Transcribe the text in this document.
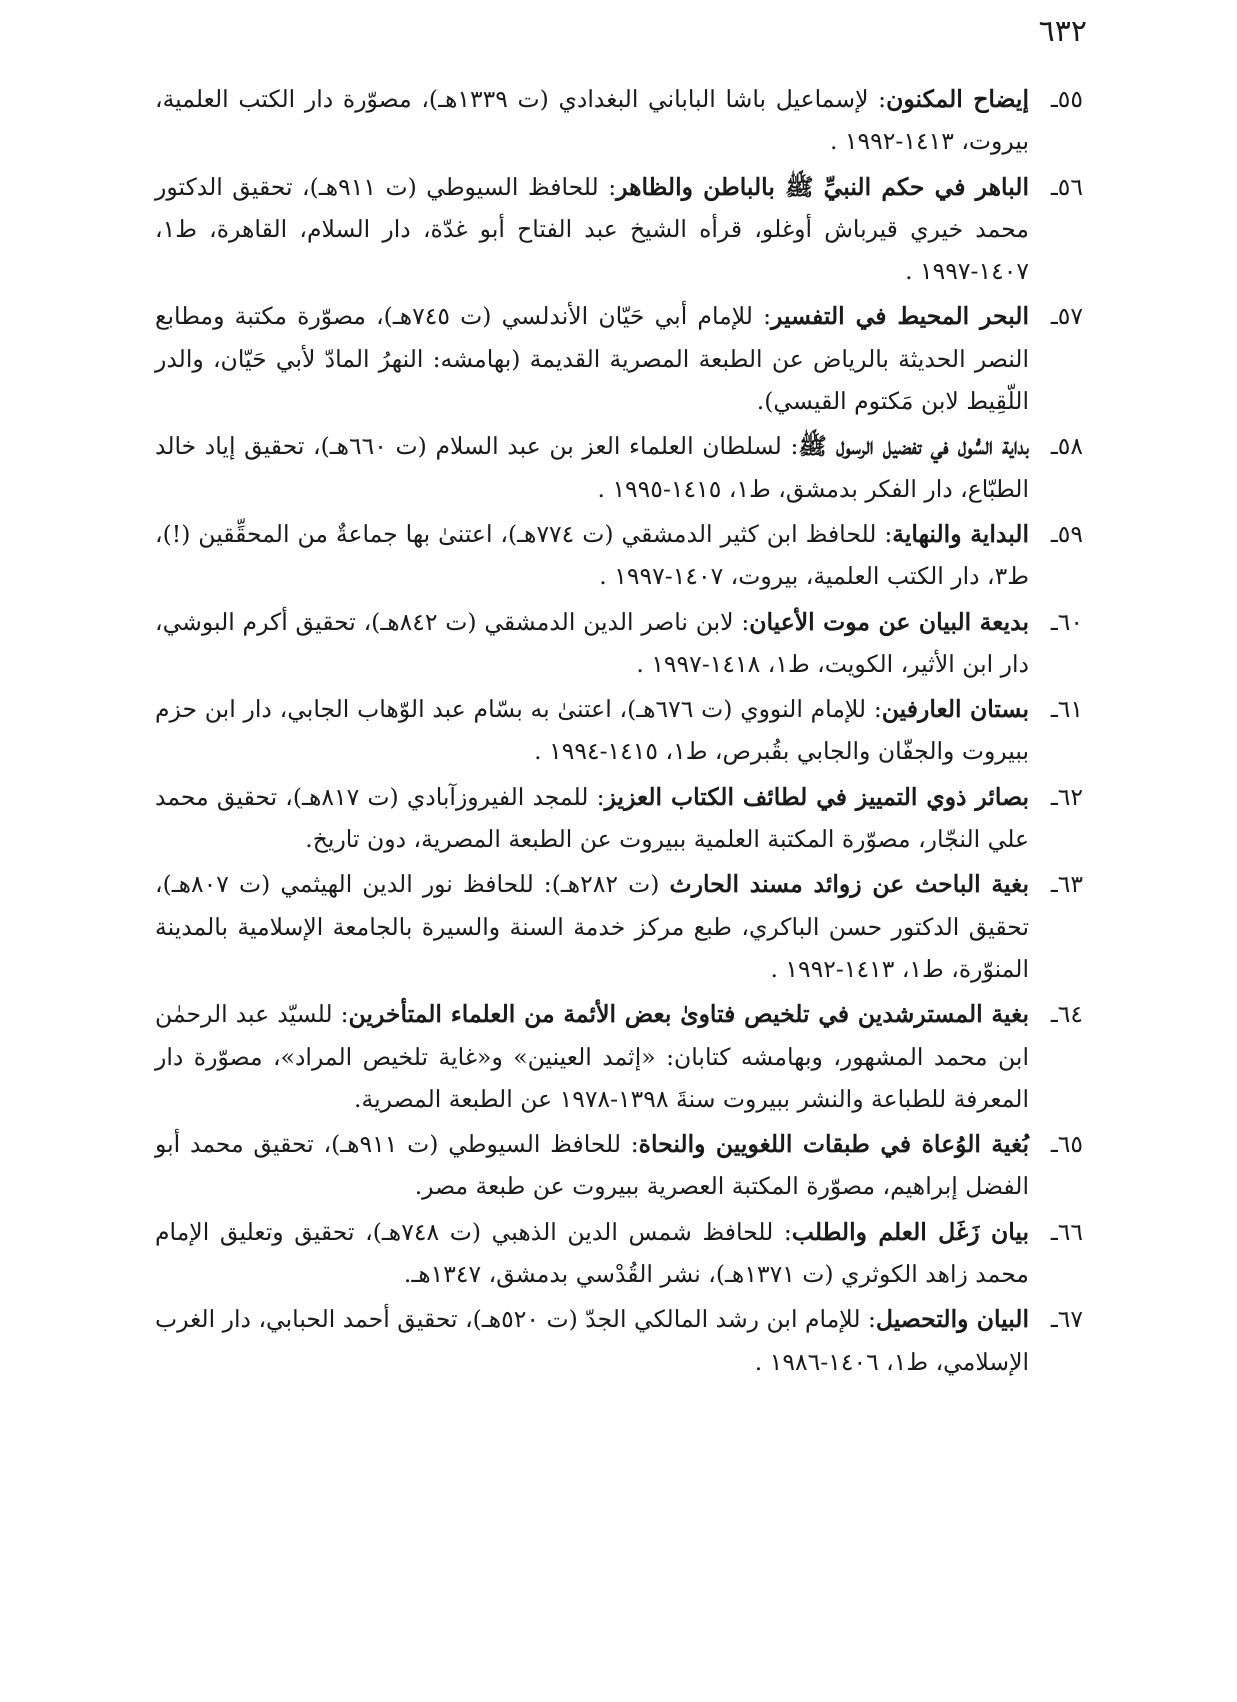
٦٣٢

٥٥ـ
إيضاح المكنون: لإسماعيل باشا الباباني البغدادي (ت ١٣٣٩هـ)، مصوّرة دار الكتب العلمية، بيروت، ١٤١٣-١٩٩٢ .

٥٦ـ
الباهر في حكم النبيِّ ﷺ بالباطن والظاهر: للحافظ السيوطي (ت ٩١١هـ)، تحقيق الدكتور محمد خيري قيرباش أوغلو، قرأه الشيخ عبد الفتاح أبو غدّة، دار السلام، القاهرة، ط١، ١٤٠٧-١٩٩٧ .

٥٧ـ
البحر المحيط في التفسير: للإمام أبي حَيّان الأندلسي (ت ٧٤٥هـ)، مصوّرة مكتبة ومطابع النصر الحديثة بالرياض عن الطبعة المصرية القديمة (بهامشه: النهرُ المادّ لأبي حَيّان، والدر اللّقِيط لابن مَكتوم القيسي).

٥٨ـ
بداية السُّول في تفضيل الرسول ﷺ: لسلطان العلماء العز بن عبد السلام (ت ٦٦٠هـ)، تحقيق إياد خالد الطبّاع، دار الفكر بدمشق، ط١، ١٤١٥-١٩٩٥ .

٥٩ـ
البداية والنهاية: للحافظ ابن كثير الدمشقي (ت ٧٧٤هـ)، اعتنىٰ بها جماعةٌ من المحقِّقين (!)، ط٣، دار الكتب العلمية، بيروت، ١٤٠٧-١٩٩٧ .

٦٠ـ
بديعة البيان عن موت الأعيان: لابن ناصر الدين الدمشقي (ت ٨٤٢هـ)، تحقيق أكرم البوشي، دار ابن الأثير، الكويت، ط١، ١٤١٨-١٩٩٧ .

٦١ـ
بستان العارفين: للإمام النووي (ت ٦٧٦هـ)، اعتنىٰ به بسّام عبد الوّهاب الجابي، دار ابن حزم ببيروت والجفّان والجابي بقُبرص، ط١، ١٤١٥-١٩٩٤ .

٦٢ـ
بصائر ذوي التمييز في لطائف الكتاب العزيز: للمجد الفيروزآبادي (ت ٨١٧هـ)، تحقيق محمد علي النجّار، مصوّرة المكتبة العلمية ببيروت عن الطبعة المصرية، دون تاريخ.

٦٣ـ
بغية الباحث عن زوائد مسند الحارث (ت ٢٨٢هـ): للحافظ نور الدين الهيثمي (ت ٨٠٧هـ)، تحقيق الدكتور حسن الباكري، طبع مركز خدمة السنة والسيرة بالجامعة الإسلامية بالمدينة المنوّرة، ط١، ١٤١٣-١٩٩٢ .

٦٤ـ
بغية المسترشدين في تلخيص فتاوىٰ بعض الأئمة من العلماء المتأخرين: للسيّد عبد الرحمٰن ابن محمد المشهور، وبهامشه كتابان: «إثمد العينين» و«غاية تلخيص المراد»، مصوّرة دار المعرفة للطباعة والنشر ببيروت سنةَ ١٣٩٨-١٩٧٨ عن الطبعة المصرية.

٦٥ـ
بُغية الوُعاة في طبقات اللغويين والنحاة: للحافظ السيوطي (ت ٩١١هـ)، تحقيق محمد أبو الفضل إبراهيم، مصوّرة المكتبة العصرية ببيروت عن طبعة مصر.

٦٦ـ
بيان زَغَل العلم والطلب: للحافظ شمس الدين الذهبي (ت ٧٤٨هـ)، تحقيق وتعليق الإمام محمد زاهد الكوثري (ت ١٣٧١هـ)، نشر القُدْسي بدمشق، ١٣٤٧هـ.

٦٧ـ
البيان والتحصيل: للإمام ابن رشد المالكي الجدّ (ت ٥٢٠هـ)، تحقيق أحمد الحبابي، دار الغرب الإسلامي، ط١، ١٤٠٦-١٩٨٦ .
